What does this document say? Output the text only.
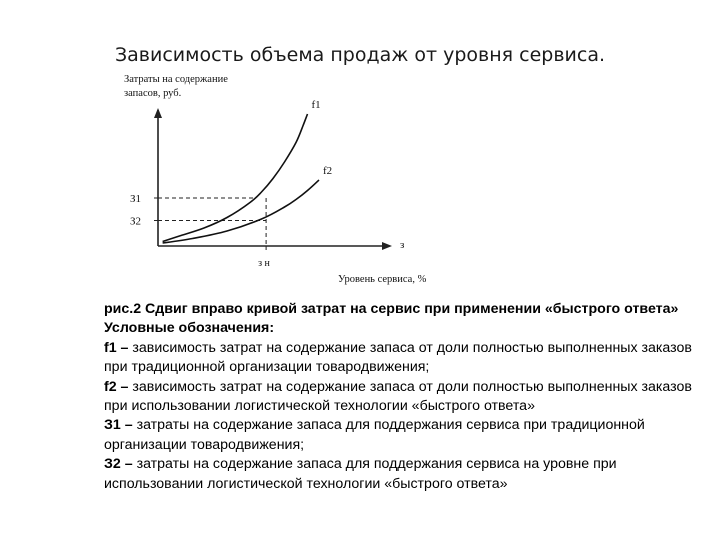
Зависимость объема продаж от уровня сервиса.
Затраты на содержание
запасов, руб.
Уровень сервиса, %
з
f1
f2
З1
З2
з н

рис.2 Сдвиг вправо кривой затрат на сервис при применении «быстрого ответа»

Условные обозначения:

f1 – зависимость затрат на содержание запаса от доли полностью выполненных заказов при традиционной организации товародвижения;

f2 – зависимость затрат на содержание запаса от доли полностью выполненных заказов при использовании логистической технологии «быстрого ответа»

З1 – затраты на содержание запаса для поддержания сервиса при традиционной организации товародвижения;

З2 – затраты на содержание запаса для поддержания сервиса на уровне при использовании логистической технологии «быстрого ответа»
